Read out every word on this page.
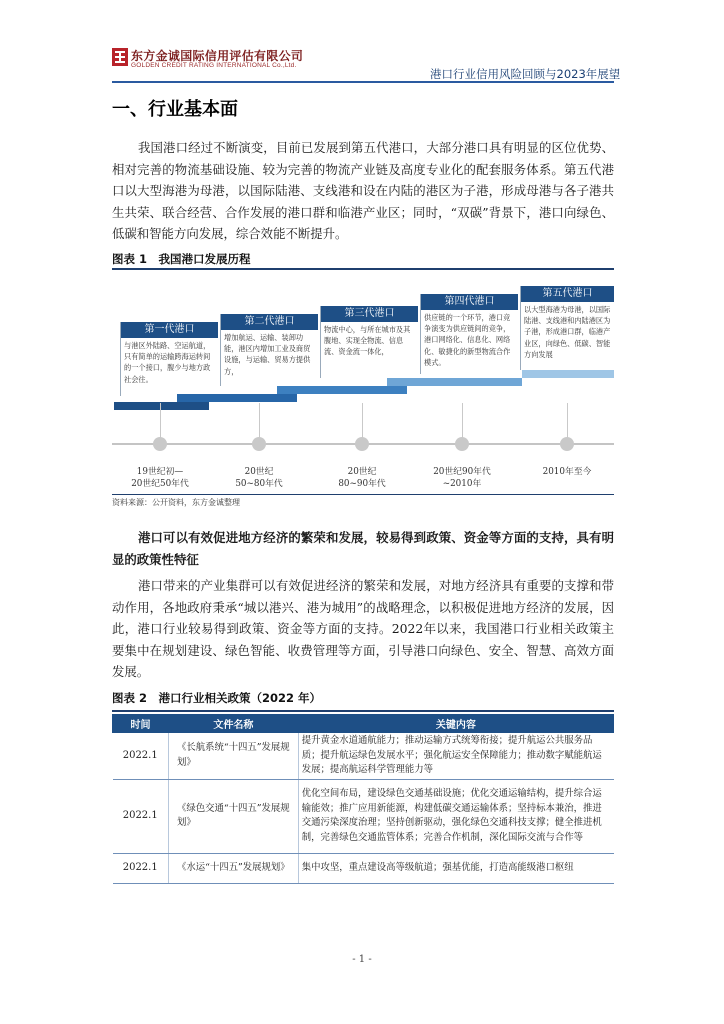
东方金诚国际信用评估有限公司
GOLDEN CREDIT RATING INTERNATIONAL Co.,Ltd.
港口行业信用风险回顾与2023年展望
一、行业基本面
我国港口经过不断演变，目前已发展到第五代港口，大部分港口具有明显的区位优势、相对完善的物流基础设施、较为完善的物流产业链及高度专业化的配套服务体系。第五代港口以大型海港为母港，以国际陆港、支线港和设在内陆的港区为子港，形成母港与各子港共生共荣、联合经营、合作发展的港口群和临港产业区；同时，“双碳”背景下，港口向绿色、低碳和智能方向发展，综合效能不断提升。
图表 1　我国港口发展历程
第五代港口
以大型海港为母港，以国际陆港、支线港和内陆港区为子港，形成港口群，临港产业区，向绿色、低碳、智能方向发展
第四代港口
供应链的一个环节，港口竞争演变为供应链间的竞争，港口网络化、信息化、网络化、敏捷化的新型物流合作模式。
第三代港口
物流中心，与所在城市及其腹地、实现全物流、信息流、资金流一体化，
第二代港口
增加航运、运输、装卸功能，港区内增加工业及商贸设施，与运输、贸易方提供方，
第一代港口
与港区外陆路、空运航道，只有简单的运输跨海运转间的一个接口，腹少与地方政社会往。
19世纪初—
20世纪50年代
20世纪
50~80年代
20世纪
80~90年代
20世纪90年代
~2010年
2010年至今
资料来源：公开资料，东方金诚整理
港口可以有效促进地方经济的繁荣和发展，较易得到政策、资金等方面的支持，具有明显的政策性特征
港口带来的产业集群可以有效促进经济的繁荣和发展，对地方经济具有重要的支撑和带动作用，各地政府秉承“城以港兴、港为城用”的战略理念，以积极促进地方经济的发展，因此，港口行业较易得到政策、资金等方面的支持。2022年以来，我国港口行业相关政策主要集中在规划建设、绿色智能、收费管理等方面，引导港口向绿色、安全、智慧、高效方面发展。
图表 2　港口行业相关政策（2022 年）
时间	文件名称	关键内容
2022.1	《长航系统“十四五”发展规划》	提升黄金水道通航能力；推动运输方式统筹衔接；提升航运公共服务品质；提升航运绿色发展水平；强化航运安全保障能力；推动数字赋能航运发展；提高航运科学管理能力等
2022.1	《绿色交通“十四五”发展规划》	优化空间布局，建设绿色交通基础设施；优化交通运输结构，提升综合运输能效；推广应用新能源，构建低碳交通运输体系；坚持标本兼治，推进交通污染深度治理；坚持创新驱动，强化绿色交通科技支撑；健全推进机制，完善绿色交通监管体系；完善合作机制，深化国际交流与合作等
2022.1	《水运“十四五”发展规划》	集中攻坚，重点建设高等级航道；强基优能，打造高能级港口枢纽
- 1 -
